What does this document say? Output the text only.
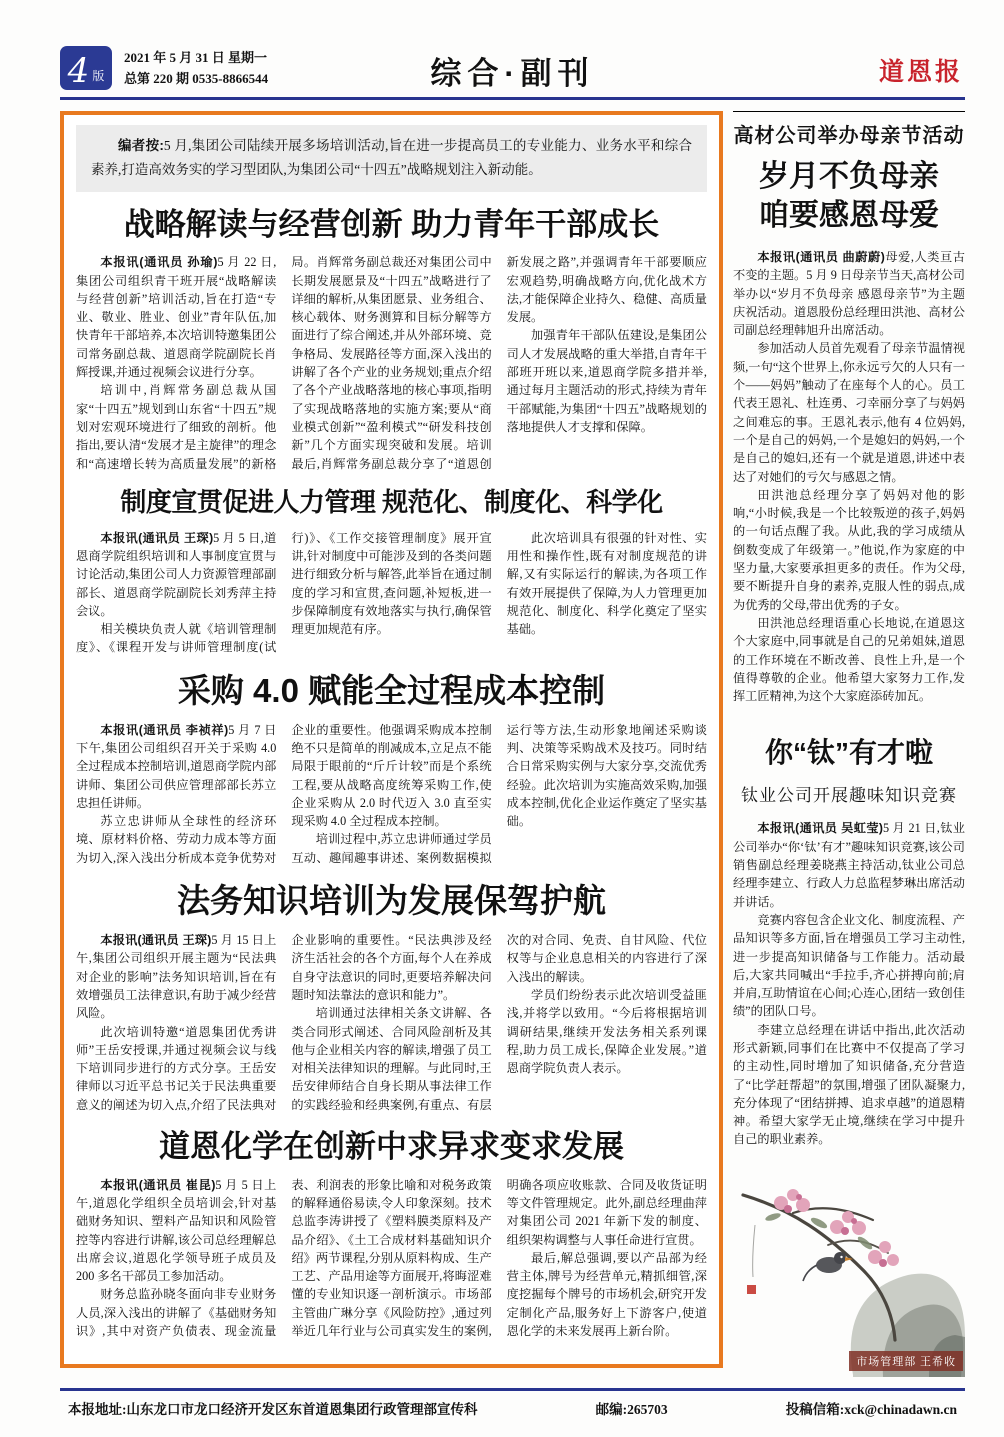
4 版
2021 年 5 月 31 日 星期一
总第 220 期 0535-8866544	综合·副刊	道恩报
编者按:5 月,集团公司陆续开展多场培训活动,旨在进一步提高员工的专业能力、业务水平和综合素养,打造高效务实的学习型团队,为集团公司“十四五”战略规划注入新动能。
战略解读与经营创新 助力青年干部成长

本报讯(通讯员 孙瑜)5 月 22 日,集团公司组织青干班开展“战略解读与经营创新”培训活动,旨在打造“专业、敬业、胜业、创业”青年队伍,加快青年干部培养,本次培训特邀集团公司常务副总裁、道恩商学院副院长肖辉授课,并通过视频会议进行分享。

培训中,肖辉常务副总裁从国家“十四五”规划到山东省“十四五”规划对宏观环境进行了细致的剖析。他指出,要认清“发展才是主旋律”的理念和“高速增长转为高质量发展”的新格局。肖辉常务副总裁还对集团公司中长期发展愿景及“十四五”战略进行了详细的解析,从集团愿景、业务组合、核心载体、财务测算和目标分解等方面进行了综合阐述,并从外部环境、竞争格局、发展路径等方面,深入浅出的讲解了各个产业的业务规划;重点介绍了各个产业战略落地的核心事项,指明了实现战略落地的实施方案;要从“商业模式创新”“盈利模式”“研发科技创新”几个方面实现突破和发展。培训最后,肖辉常务副总裁分享了“道恩创新发展之路”,并强调青年干部要顺应宏观趋势,明确战略方向,优化战术方法,才能保障企业持久、稳健、高质量发展。

加强青年干部队伍建设,是集团公司人才发展战略的重大举措,自青年干部班开班以来,道恩商学院多措并举,通过每月主题活动的形式,持续为青年干部赋能,为集团“十四五”战略规划的落地提供人才支撑和保障。

制度宣贯促进人力管理 规范化、制度化、科学化

本报讯(通讯员 王琛)5 月 5 日,道恩商学院组织培训和人事制度宣贯与讨论活动,集团公司人力资源管理部副部长、道恩商学院副院长刘秀萍主持会议。

相关模块负责人就《培训管理制度》、《课程开发与讲师管理制度(试行)》、《工作交接管理制度》展开宣讲,针对制度中可能涉及到的各类问题进行细致分析与解答,此举旨在通过制度的学习和宣贯,查问题,补短板,进一步保障制度有效地落实与执行,确保管理更加规范有序。

此次培训具有很强的针对性、实用性和操作性,既有对制度规范的讲解,又有实际运行的解读,为各项工作有效开展提供了保障,为人力管理更加规范化、制度化、科学化奠定了坚实基础。

采购 4.0 赋能全过程成本控制

本报讯(通讯员 李祯祥)5 月 7 日下午,集团公司组织召开关于采购 4.0 全过程成本控制培训,道恩商学院内部讲师、集团公司供应管理部部长苏立忠担任讲师。

苏立忠讲师从全球性的经济环境、原材料价格、劳动力成本等方面为切入,深入浅出分析成本竞争优势对企业的重要性。他强调采购成本控制绝不只是简单的削减成本,立足点不能局限于眼前的“斤斤计较”而是个系统工程,要从战略高度统筹采购工作,使企业采购从 2.0 时代迈入 3.0 直至实现采购 4.0 全过程成本控制。

培训过程中,苏立忠讲师通过学员互动、趣闻趣事讲述、案例数据模拟运行等方法,生动形象地阐述采购谈判、决策等采购战术及技巧。同时结合日常采购实例与大家分享,交流优秀经验。此次培训为实施高效采购,加强成本控制,优化企业运作奠定了坚实基础。

法务知识培训为发展保驾护航

本报讯(通讯员 王琛)5 月 15 日上午,集团公司组织开展主题为“民法典对企业的影响”法务知识培训,旨在有效增强员工法律意识,有助于减少经营风险。

此次培训特邀“道恩集团优秀讲师”王岳安授课,并通过视频会议与线下培训同步进行的方式分享。王岳安律师以习近平总书记关于民法典重要意义的阐述为切入点,介绍了民法典对企业影响的重要性。“民法典涉及经济生活社会的各个方面,每个人在养成自身守法意识的同时,更要培养解决问题时知法靠法的意识和能力”。

培训通过法律相关条文讲解、各类合同形式阐述、合同风险剖析及其他与企业相关内容的解读,增强了员工对相关法律知识的理解。与此同时,王岳安律师结合自身长期从事法律工作的实践经验和经典案例,有重点、有层次的对合同、免责、自甘风险、代位权等与企业息息相关的内容进行了深入浅出的解读。

学员们纷纷表示此次培训受益匪浅,并将学以致用。“今后将根据培训调研结果,继续开发法务相关系列课程,助力员工成长,保障企业发展。”道恩商学院负责人表示。

道恩化学在创新中求异求变求发展

本报讯(通讯员 崔昆)5 月 5 日上午,道恩化学组织全员培训会,针对基础财务知识、塑料产品知识和风险管控等内容进行讲解,该公司总经理解总出席会议,道恩化学领导班子成员及 200 多名干部员工参加活动。

财务总监孙晓冬面向非专业财务人员,深入浅出的讲解了《基础财务知识》,其中对资产负债表、现金流量表、利润表的形象比喻和对税务政策的解释通俗易读,令人印象深刻。技术总监李涛讲授了《塑料膜类原料及产品介绍》、《土工合成材料基础知识介绍》两节课程,分别从原料构成、生产工艺、产品用途等方面展开,将晦涩难懂的专业知识逐一剖析演示。市场部主管曲广琳分享《风险防控》,通过列举近几年行业与公司真实发生的案例,明确各项应收账款、合同及收货证明等文件管理规定。此外,副总经理曲萍对集团公司 2021 年新下发的制度、组织架构调整与人事任命进行宣贯。

最后,解总强调,要以产品部为经营主体,牌号为经营单元,精抓细管,深度挖掘每个牌号的市场机会,研究开发定制化产品,服务好上下游客户,使道恩化学的未来发展再上新台阶。

高材公司举办母亲节活动
岁月不负母亲
咱要感恩母爱

本报讯(通讯员 曲蔚蔚)母爱,人类亘古不变的主题。5 月 9 日母亲节当天,高材公司举办以“岁月不负母亲 感恩母亲节”为主题庆祝活动。道恩股份总经理田洪池、高材公司副总经理韩旭升出席活动。

参加活动人员首先观看了母亲节温情视频,一句“这个世界上,你永远亏欠的人只有一个——妈妈”触动了在座每个人的心。员工代表王恩礼、杜连勇、刁幸丽分享了与妈妈之间难忘的事。王恩礼表示,他有 4 位妈妈,一个是自己的妈妈,一个是媳妇的妈妈,一个是自己的媳妇,还有一个就是道恩,讲述中表达了对她们的亏欠与感恩之情。

田洪池总经理分享了妈妈对他的影响,“小时候,我是一个比较叛逆的孩子,妈妈的一句话点醒了我。从此,我的学习成绩从倒数变成了年级第一。”他说,作为家庭的中坚力量,大家要承担更多的责任。作为父母,要不断提升自身的素养,克服人性的弱点,成为优秀的父母,带出优秀的子女。

田洪池总经理语重心长地说,在道恩这个大家庭中,同事就是自己的兄弟姐妹,道恩的工作环境在不断改善、良性上升,是一个值得尊敬的企业。他希望大家努力工作,发挥工匠精神,为这个大家庭添砖加瓦。

你“钛”有才啦
钛业公司开展趣味知识竞赛

本报讯(通讯员 吴虹莹)5 月 21 日,钛业公司举办“你‘钛’有才”趣味知识竞赛,该公司销售副总经理姜晓燕主持活动,钛业公司总经理李建立、行政人力总监程梦琳出席活动并讲话。

竞赛内容包含企业文化、制度流程、产品知识等多方面,旨在增强员工学习主动性,进一步提高知识储备与工作能力。活动最后,大家共同喊出“手拉手,齐心拼搏向前;肩并肩,互助情谊在心间;心连心,团结一致创佳绩”的团队口号。

李建立总经理在讲话中指出,此次活动形式新颖,同事们在比赛中不仅提高了学习的主动性,同时增加了知识储备,充分营造了“比学赶帮超”的氛围,增强了团队凝聚力,充分体现了“团结拼搏、追求卓越”的道恩精神。希望大家学无止境,继续在学习中提升自己的职业素养。

市场管理部 王希收
本报地址:山东龙口市龙口经济开发区东首道恩集团行政管理部宣传科	邮编:265703	投稿信箱:xck@chinadawn.cn
